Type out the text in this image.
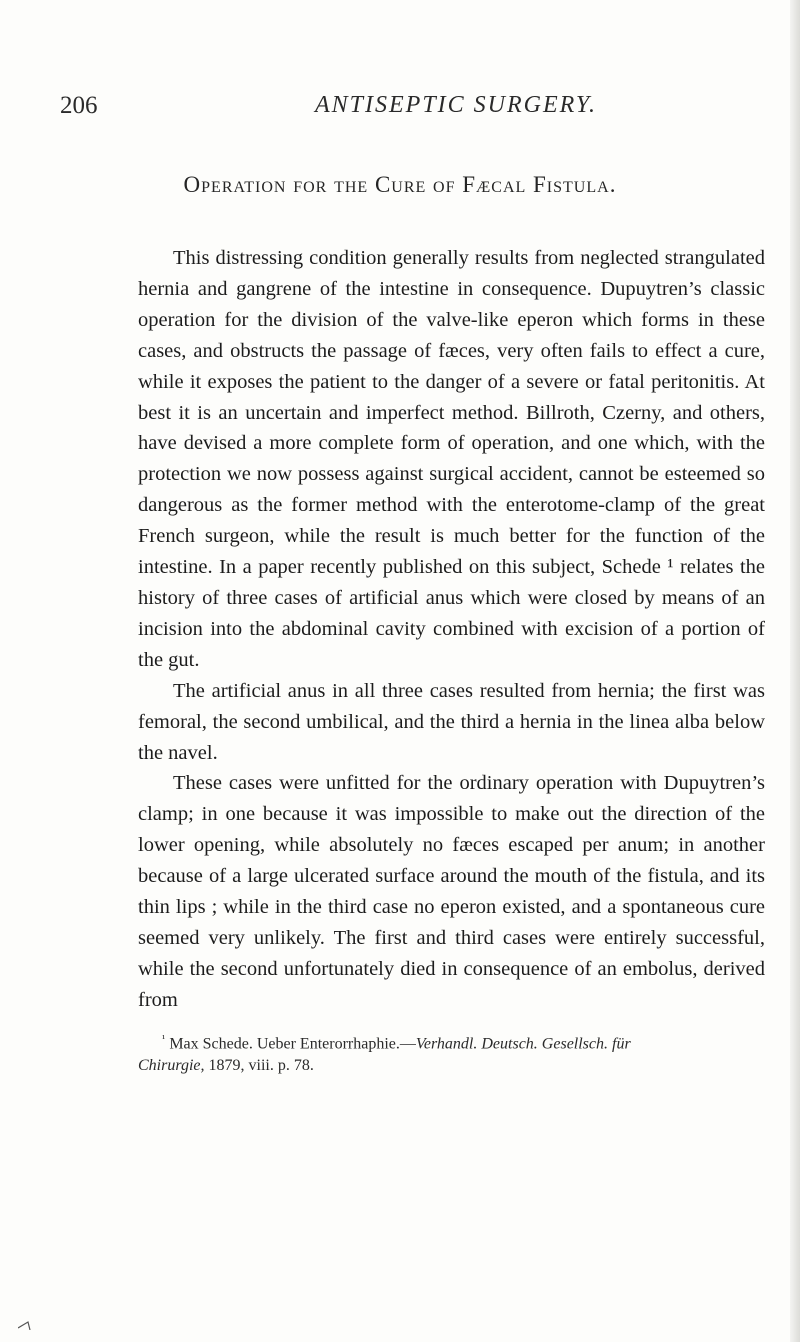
206	ANTISEPTIC SURGERY.
Operation for the Cure of Fæcal Fistula.

This distressing condition generally results from neglected strangulated hernia and gangrene of the intestine in consequence. Dupuytren’s classic operation for the division of the valve-like eperon which forms in these cases, and obstructs the passage of fæces, very often fails to effect a cure, while it exposes the patient to the danger of a severe or fatal peritonitis. At best it is an uncertain and imperfect method. Billroth, Czerny, and others, have devised a more complete form of operation, and one which, with the protection we now possess against surgical accident, cannot be esteemed so dangerous as the former method with the enterotome-clamp of the great French surgeon, while the result is much better for the function of the intestine. In a paper recently published on this subject, Schede ¹ relates the history of three cases of artificial anus which were closed by means of an incision into the abdominal cavity combined with excision of a portion of the gut.

The artificial anus in all three cases resulted from hernia; the first was femoral, the second umbilical, and the third a hernia in the linea alba below the navel.

These cases were unfitted for the ordinary operation with Dupuytren’s clamp; in one because it was impossible to make out the direction of the lower opening, while absolutely no fæces escaped per anum; in another because of a large ulcerated surface around the mouth of the fistula, and its thin lips ; while in the third case no eperon existed, and a spontaneous cure seemed very unlikely. The first and third cases were entirely successful, while the second unfortunately died in consequence of an embolus, derived from

$^{^1}$ Max Schede. Ueber Enterorrhaphie.—Verhandl. Deutsch. Gesellsch. für
Chirurgie, 1879, viii. p. 78.
